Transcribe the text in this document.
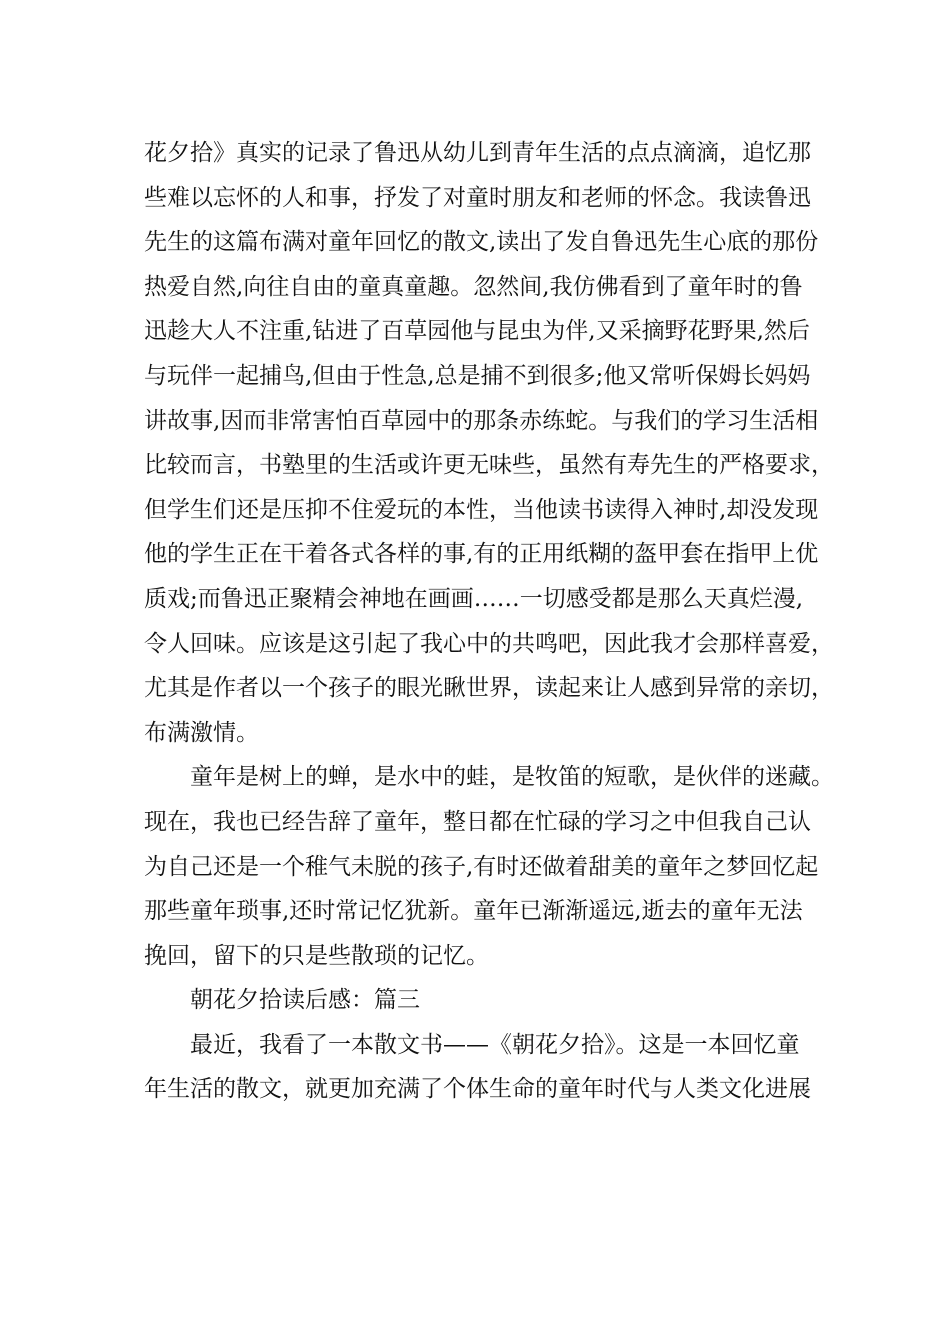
花夕拾》真实的记录了鲁迅从幼儿到青年生活的点点滴滴，追忆那
些难以忘怀的人和事，抒发了对童时朋友和老师的怀念。我读鲁迅
先生的这篇布满对童年回忆的散文,读出了发自鲁迅先生心底的那份
热爱自然,向往自由的童真童趣。忽然间,我仿佛看到了童年时的鲁
迅趁大人不注重,钻进了百草园他与昆虫为伴,又采摘野花野果,然后
与玩伴一起捕鸟,但由于性急,总是捕不到很多;他又常听保姆长妈妈
讲故事,因而非常害怕百草园中的那条赤练蛇。与我们的学习生活相
比较而言，书塾里的生活或许更无味些，虽然有寿先生的严格要求，
但学生们还是压抑不住爱玩的本性，当他读书读得入神时,却没发现
他的学生正在干着各式各样的事,有的正用纸糊的盔甲套在指甲上优
质戏;而鲁迅正聚精会神地在画画……一切感受都是那么天真烂漫,
令人回味。应该是这引起了我心中的共鸣吧，因此我才会那样喜爱，
尤其是作者以一个孩子的眼光瞅世界，读起来让人感到异常的亲切，
布满激情。
童年是树上的蝉，是水中的蛙，是牧笛的短歌，是伙伴的迷藏。
现在，我也已经告辞了童年，整日都在忙碌的学习之中但我自己认
为自己还是一个稚气未脱的孩子,有时还做着甜美的童年之梦回忆起
那些童年琐事,还时常记忆犹新。童年已渐渐遥远,逝去的童年无法
挽回，留下的只是些散琐的记忆。
朝花夕拾读后感：篇三
最近，我看了一本散文书——《朝花夕拾》。这是一本回忆童
年生活的散文，就更加充满了个体生命的童年时代与人类文化进展
